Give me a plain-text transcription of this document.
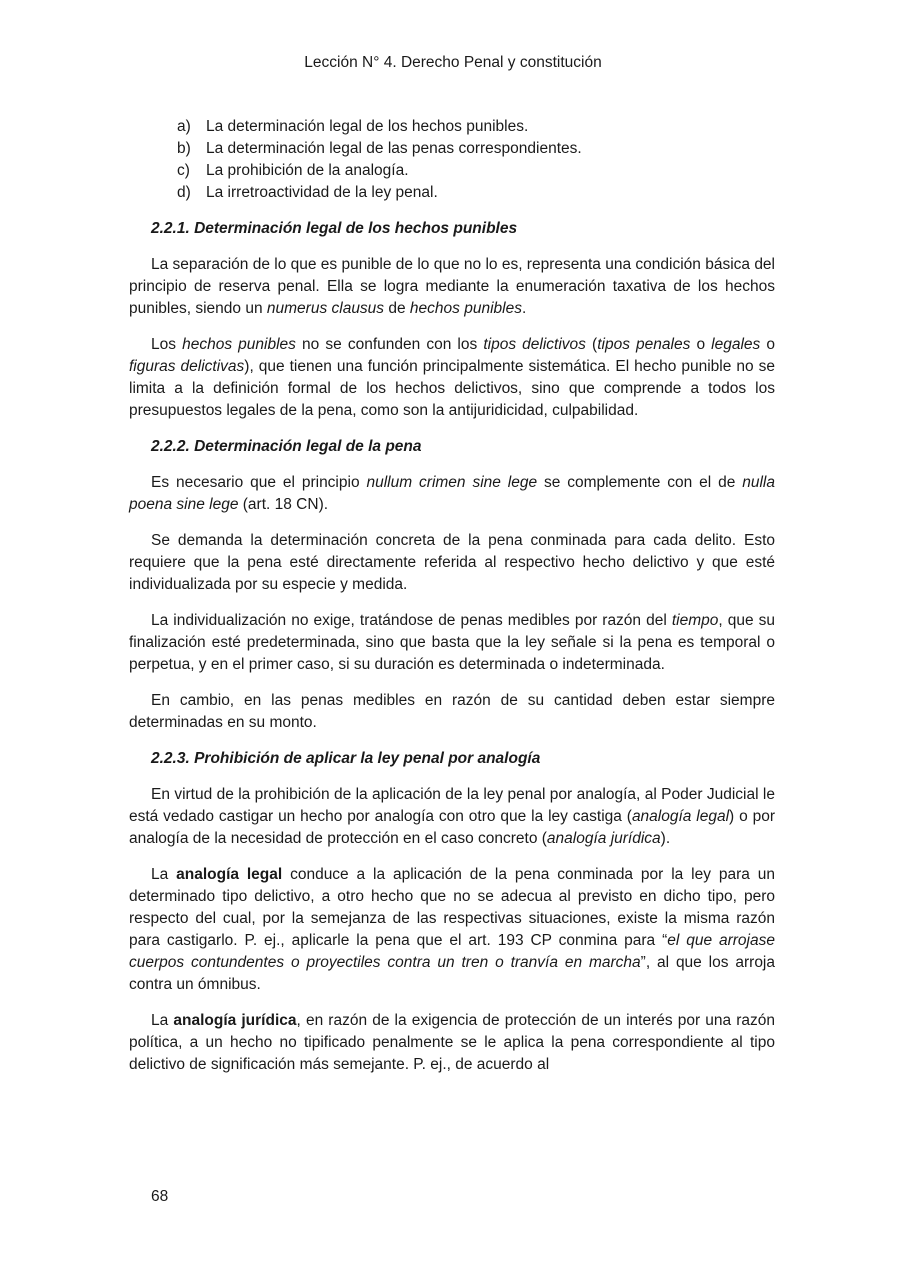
Lección N° 4. Derecho Penal y constitución
a) La determinación legal de los hechos punibles.
b) La determinación legal de las penas correspondientes.
c)	La prohibición de la analogía.
d) La irretroactividad de la ley penal.
2.2.1. Determinación legal de los hechos punibles

La separación de lo que es punible de lo que no lo es, representa una condición básica del principio de reserva penal. Ella se logra mediante la enumeración taxativa de los hechos punibles, siendo un numerus clausus de hechos punibles.

Los hechos punibles no se confunden con los tipos delictivos (tipos penales o legales o figuras delictivas), que tienen una función principalmente sistemática. El hecho punible no se limita a la definición formal de los hechos delictivos, sino que comprende a todos los presupuestos legales de la pena, como son la antijuridicidad, culpabilidad.

2.2.2. Determinación legal de la pena

Es necesario que el principio nullum crimen sine lege se complemente con el de nulla poena sine lege (art. 18 CN).

Se demanda la determinación concreta de la pena conminada para cada delito. Esto requiere que la pena esté directamente referida al respectivo hecho delictivo y que esté individualizada por su especie y medida.

La individualización no exige, tratándose de penas medibles por razón del tiempo, que su finalización esté predeterminada, sino que basta que la ley señale si la pena es temporal o perpetua, y en el primer caso, si su duración es determinada o indeterminada.

En cambio, en las penas medibles en razón de su cantidad deben estar siempre determinadas en su monto.

2.2.3. Prohibición de aplicar la ley penal por analogía

En virtud de la prohibición de la aplicación de la ley penal por analogía, al Poder Judicial le está vedado castigar un hecho por analogía con otro que la ley castiga (analogía legal) o por analogía de la necesidad de protección en el caso concreto (analogía jurídica).

La analogía legal conduce a la aplicación de la pena conminada por la ley para un determinado tipo delictivo, a otro hecho que no se adecua al previsto en dicho tipo, pero respecto del cual, por la semejanza de las respectivas situaciones, existe la misma razón para castigarlo. P. ej., aplicarle la pena que el art. 193 CP conmina para “el que arrojase cuerpos contundentes o proyectiles contra un tren o tranvía en marcha”, al que los arroja contra un ómnibus.

La analogía jurídica, en razón de la exigencia de protección de un interés por una razón política, a un hecho no tipificado penalmente se le aplica la pena correspondiente al tipo delictivo de significación más semejante. P. ej., de acuerdo al

68
